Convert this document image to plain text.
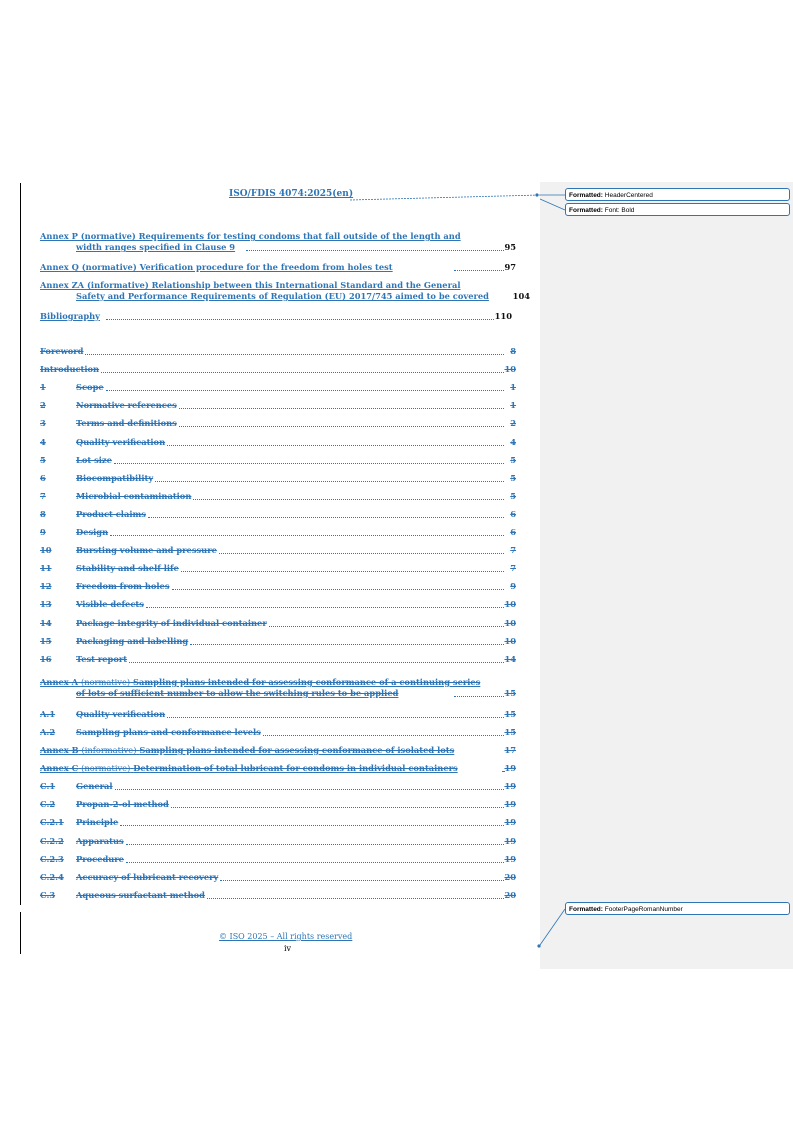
ISO/FDIS 4074:2025(en)
Annex P (normative) Requirements for testing condoms that fall outside of the length and
width ranges specified in Clause 9	95
Annex Q (normative) Verification procedure for the freedom from holes test	97
Annex ZA (informative) Relationship between this International Standard and the General
Safety and Performance Requirements of Regulation (EU) 2017/745 aimed to be covered	104
Bibliography	110
Foreword	8
Introduction	10
1	Scope	1
2	Normative references	1
3	Terms and definitions	2
4	Quality verification	4
5	Lot size	5
6	Biocompatibility	5
7	Microbial contamination	5
8	Product claims	6
9	Design	6
10	Bursting volume and pressure	7
11	Stability and shelf life	7
12	Freedom from holes	9
13	Visible defects	10
14	Package integrity of individual container	10
15	Packaging and labelling	10
16	Test report	14
Annex A (normative) Sampling plans intended for assessing conformance of a continuing series
of lots of sufficient number to allow the switching rules to be applied	15
A.1	Quality verification	15
A.2	Sampling plans and conformance levels	15
Annex B (informative) Sampling plans intended for assessing conformance of isolated lots	17
Annex C (normative) Determination of total lubricant for condoms in individual containers	19
C.1	General	19
C.2	Propan-2-ol method	19
C.2.1 Principle	19
C.2.2 Apparatus	19
C.2.3 Procedure	19
C.2.4 Accuracy of lubricant recovery	20
C.3	Aqueous surfactant method	20
Formatted: HeaderCentered
Formatted: Font: Bold
Formatted: FooterPageRomanNumber
© ISO 2025 – All rights reserved
iv
